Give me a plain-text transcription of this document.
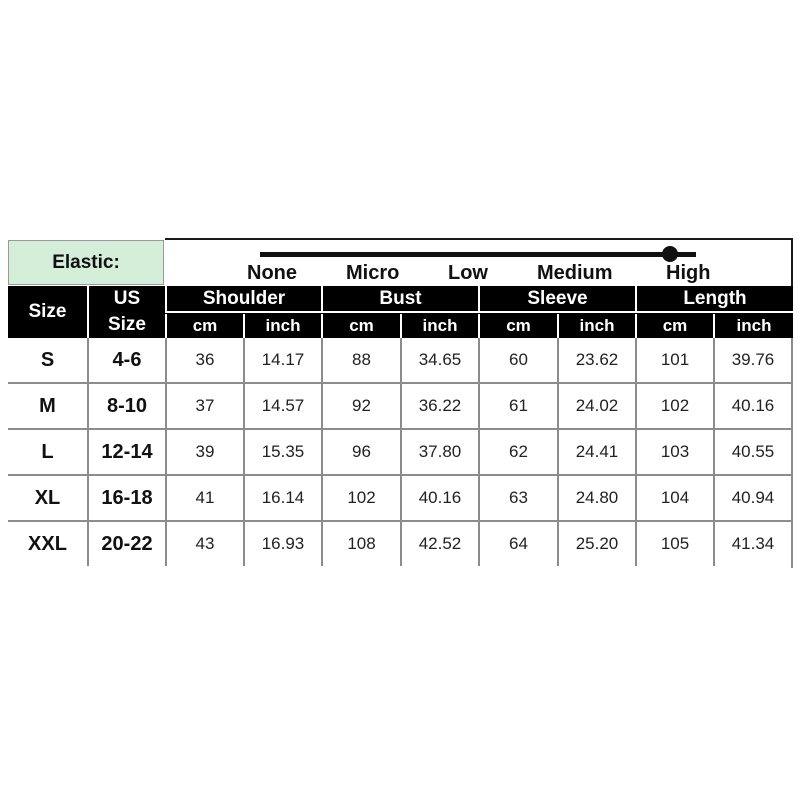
Elastic:	None Micro Low Medium	High
Size
US
Size
Shoulder	Bust	Sleeve	Length
cm	inch	cm	inch	cm	inch	cm	inch
S	4-6	36	14.17	88	34.65	60	23.62	101	39.76
M	8-10	37	14.57	92	36.22	61	24.02	102	40.16
L	12-14	39	15.35	96	37.80	62	24.41	103	40.55
XL	16-18	41	16.14	102	40.16	63	24.80	104	40.94
XXL	20-22	43	16.93	108	42.52	64	25.20	105	41.34
